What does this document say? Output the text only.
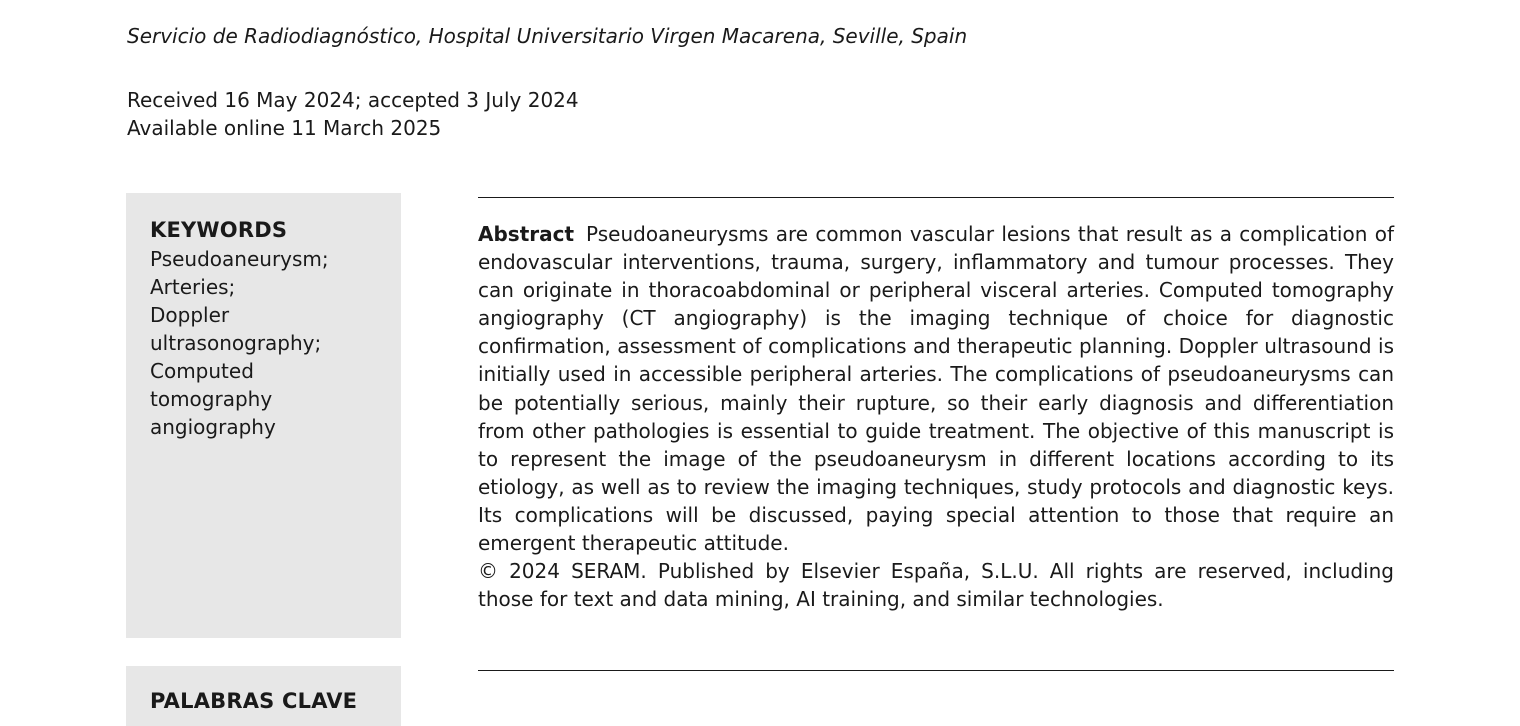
Servicio de Radiodiagnóstico, Hospital Universitario Virgen Macarena, Seville, Spain
Received 16 May 2024; accepted 3 July 2024
Available online 11 March 2025
KEYWORDS
Pseudoaneurysm;
Arteries;
Doppler
ultrasonography;
Computed
tomography
angiography

Abstract Pseudoaneurysms are common vascular lesions that result as a complication of endovascular interventions, trauma, surgery, inflammatory and tumour processes. They can originate in thoracoabdominal or peripheral visceral arteries. Computed tomography angiography (CT angiography) is the imaging technique of choice for diagnostic confirmation, assessment of complications and therapeutic planning. Doppler ultrasound is initially used in accessible peripheral arteries. The complications of pseudoaneurysms can be potentially serious, mainly their rupture, so their early diagnosis and differentiation from other pathologies is essential to guide treatment. The objective of this manuscript is to represent the image of the pseudoaneurysm in different locations according to its etiology, as well as to review the imaging techniques, study protocols and diagnostic keys. Its complications will be discussed, paying special attention to those that require an emergent therapeutic attitude.

© 2024 SERAM. Published by Elsevier España, S.L.U. All rights are reserved, including those for text and data mining, AI training, and similar technologies.

PALABRAS CLAVE
